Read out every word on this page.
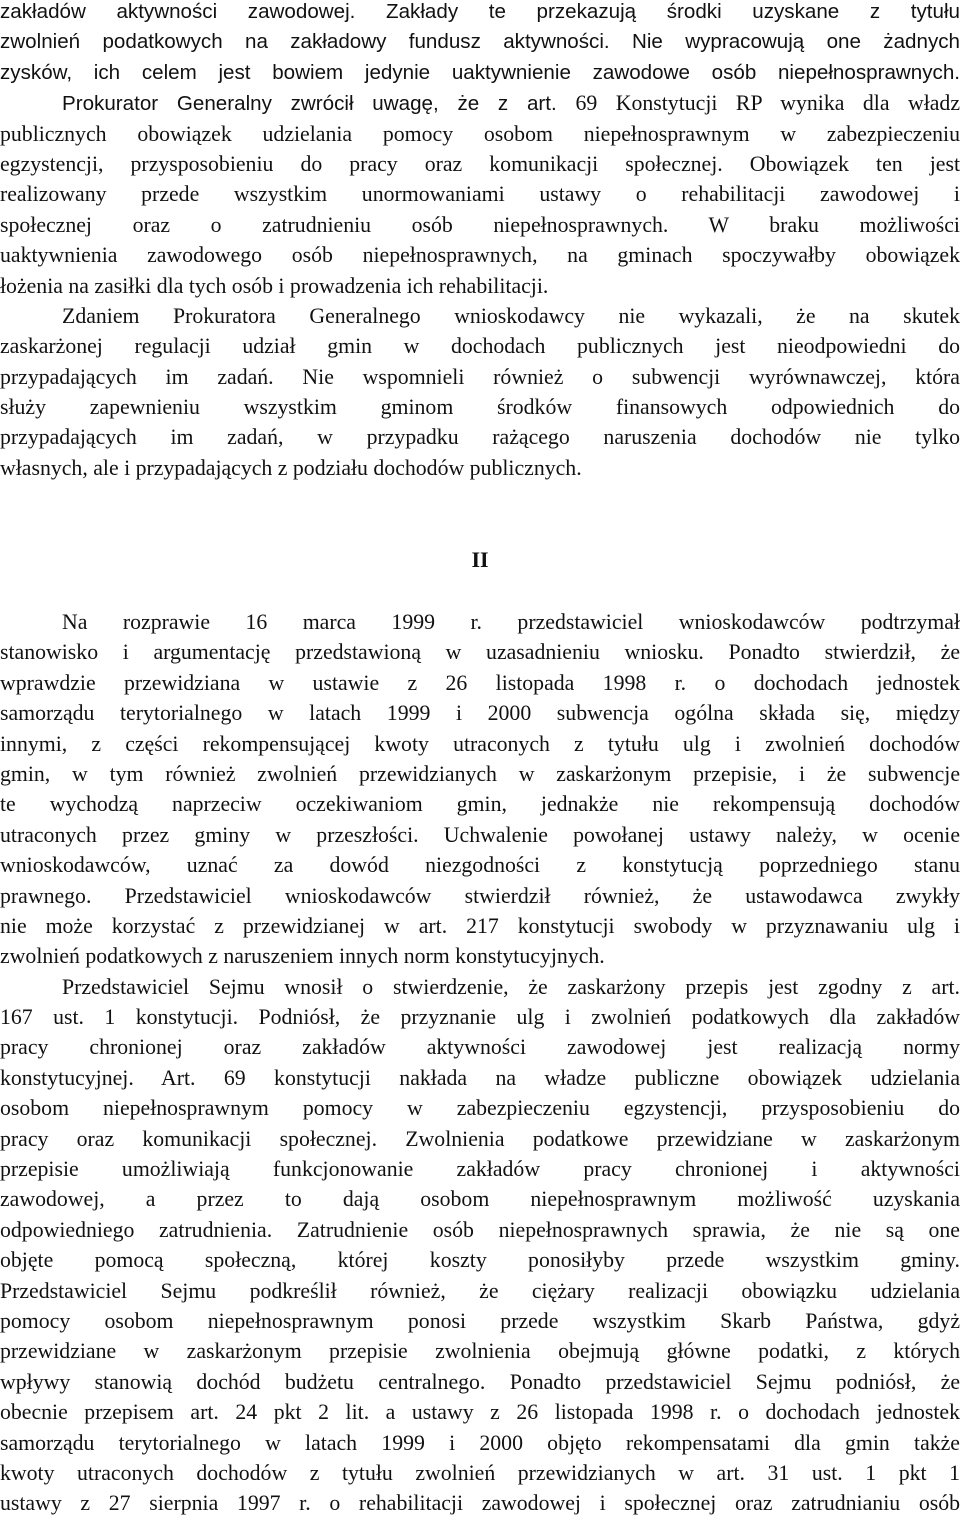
zakładów aktywności zawodowej. Zakłady te przekazują środki uzyskane z tytułu
zwolnień podatkowych na zakładowy fundusz aktywności. Nie wypracowują one żadnych
zysków, ich celem jest bowiem jedynie uaktywnienie zawodowe osób niepełnosprawnych.
Prokurator Generalny zwrócił uwagę, że z art. 69 Konstytucji RP wynika dla władz
publicznych obowiązek udzielania pomocy osobom niepełnosprawnym w zabezpieczeniu
egzystencji, przysposobieniu do pracy oraz komunikacji społecznej. Obowiązek ten jest
realizowany przede wszystkim unormowaniami ustawy o rehabilitacji zawodowej i
społecznej oraz o zatrudnieniu osób niepełnosprawnych. W braku możliwości
uaktywnienia zawodowego osób niepełnosprawnych, na gminach spoczywałby obowiązek
łożenia na zasiłki dla tych osób i prowadzenia ich rehabilitacji.
Zdaniem Prokuratora Generalnego wnioskodawcy nie wykazali, że na skutek
zaskarżonej regulacji udział gmin w dochodach publicznych jest nieodpowiedni do
przypadających im zadań. Nie wspomnieli również o subwencji wyrównawczej, która
służy zapewnieniu wszystkim gminom środków finansowych odpowiednich do
przypadających im zadań, w przypadku rażącego naruszenia dochodów nie tylko
własnych, ale i przypadających z podziału dochodów publicznych.
II
Na rozprawie 16 marca 1999 r. przedstawiciel wnioskodawców podtrzymał
stanowisko i argumentację przedstawioną w uzasadnieniu wniosku. Ponadto stwierdził, że
wprawdzie przewidziana w ustawie z 26 listopada 1998 r. o dochodach jednostek
samorządu terytorialnego w latach 1999 i 2000 subwencja ogólna składa się, między
innymi, z części rekompensującej kwoty utraconych z tytułu ulg i zwolnień dochodów
gmin, w tym również zwolnień przewidzianych w zaskarżonym przepisie, i że subwencje
te wychodzą naprzeciw oczekiwaniom gmin, jednakże nie rekompensują dochodów
utraconych przez gminy w przeszłości. Uchwalenie powołanej ustawy należy, w ocenie
wnioskodawców, uznać za dowód niezgodności z konstytucją poprzedniego stanu
prawnego. Przedstawiciel wnioskodawców stwierdził również, że ustawodawca zwykły
nie może korzystać z przewidzianej w art. 217 konstytucji swobody w przyznawaniu ulg i
zwolnień podatkowych z naruszeniem innych norm konstytucyjnych.
Przedstawiciel Sejmu wnosił o stwierdzenie, że zaskarżony przepis jest zgodny z art.
167 ust. 1 konstytucji. Podniósł, że przyznanie ulg i zwolnień podatkowych dla zakładów
pracy chronionej oraz zakładów aktywności zawodowej jest realizacją normy
konstytucyjnej. Art. 69 konstytucji nakłada na władze publiczne obowiązek udzielania
osobom niepełnosprawnym pomocy w zabezpieczeniu egzystencji, przysposobieniu do
pracy oraz komunikacji społecznej. Zwolnienia podatkowe przewidziane w zaskarżonym
przepisie umożliwiają funkcjonowanie zakładów pracy chronionej i aktywności
zawodowej, a przez to dają osobom niepełnosprawnym możliwość uzyskania
odpowiedniego zatrudnienia. Zatrudnienie osób niepełnosprawnych sprawia, że nie są one
objęte pomocą społeczną, której koszty ponosiłyby przede wszystkim gminy.
Przedstawiciel Sejmu podkreślił również, że ciężary realizacji obowiązku udzielania
pomocy osobom niepełnosprawnym ponosi przede wszystkim Skarb Państwa, gdyż
przewidziane w zaskarżonym przepisie zwolnienia obejmują główne podatki, z których
wpływy stanowią dochód budżetu centralnego. Ponadto przedstawiciel Sejmu podniósł, że
obecnie przepisem art. 24 pkt 2 lit. a ustawy z 26 listopada 1998 r. o dochodach jednostek
samorządu terytorialnego w latach 1999 i 2000 objęto rekompensatami dla gmin także
kwoty utraconych dochodów z tytułu zwolnień przewidzianych w art. 31 ust. 1 pkt 1
ustawy z 27 sierpnia 1997 r. o rehabilitacji zawodowej i społecznej oraz zatrudnianiu osób
